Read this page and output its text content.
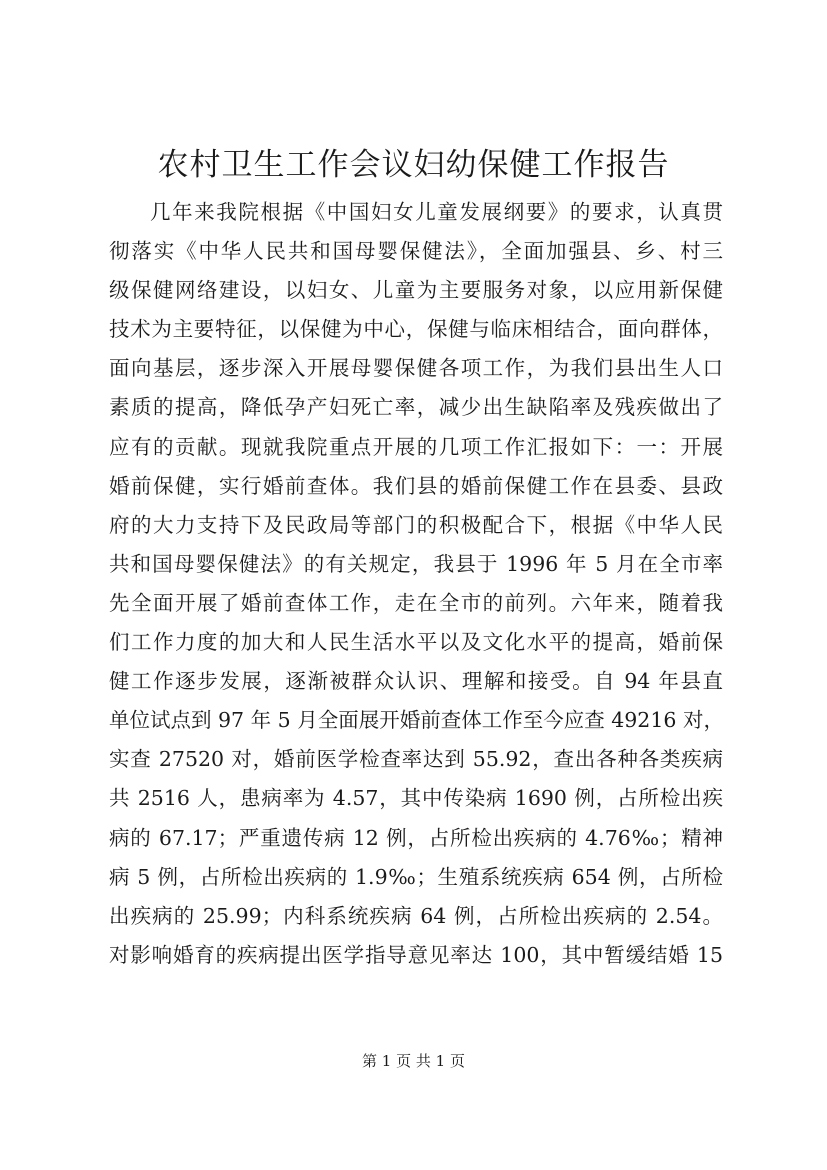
农村卫生工作会议妇幼保健工作报告
几年来我院根据《中国妇女儿童发展纲要》的要求，认真贯
彻落实《中华人民共和国母婴保健法》，全面加强县、乡、村三
级保健网络建设，以妇女、儿童为主要服务对象，以应用新保健
技术为主要特征，以保健为中心，保健与临床相结合，面向群体，
面向基层，逐步深入开展母婴保健各项工作，为我们县出生人口
素质的提高，降低孕产妇死亡率，减少出生缺陷率及残疾做出了
应有的贡献。现就我院重点开展的几项工作汇报如下：一：开展
婚前保健，实行婚前查体。我们县的婚前保健工作在县委、县政
府的大力支持下及民政局等部门的积极配合下，根据《中华人民
共和国母婴保健法》的有关规定，我县于 1996 年 5 月在全市率
先全面开展了婚前查体工作，走在全市的前列。六年来，随着我
们工作力度的加大和人民生活水平以及文化水平的提高，婚前保
健工作逐步发展，逐渐被群众认识、理解和接受。自 94 年县直
单位试点到 97 年 5 月全面展开婚前查体工作至今应查 49216 对，
实查 27520 对，婚前医学检查率达到 55.92，查出各种各类疾病
共 2516 人，患病率为 4.57，其中传染病 1690 例，占所检出疾
病的 67.17；严重遗传病 12 例，占所检出疾病的 4.76‰；精神
病 5 例，占所检出疾病的 1.9‰；生殖系统疾病 654 例，占所检
出疾病的 25.99；内科系统疾病 64 例，占所检出疾病的 2.54。
对影响婚育的疾病提出医学指导意见率达 100，其中暂缓结婚 15
第 1 页 共 1 页
